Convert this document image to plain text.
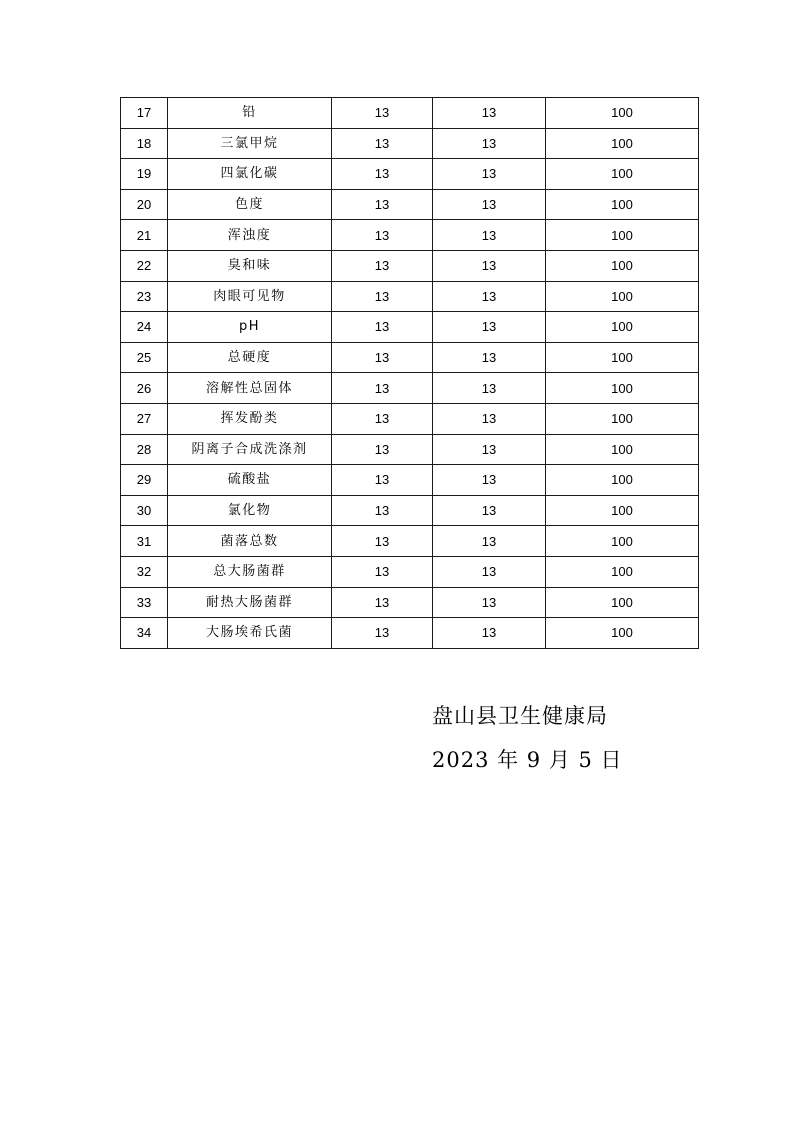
17	铅	13	13	100
18	三氯甲烷	13	13	100
19	四氯化碳	13	13	100
20	色度	13	13	100
21	浑浊度	13	13	100
22	臭和味	13	13	100
23	肉眼可见物	13	13	100
24	pH	13	13	100
25	总硬度	13	13	100
26	溶解性总固体	13	13	100
27	挥发酚类	13	13	100
28	阴离子合成洗涤剂	13	13	100
29	硫酸盐	13	13	100
30	氯化物	13	13	100
31	菌落总数	13	13	100
32	总大肠菌群	13	13	100
33	耐热大肠菌群	13	13	100
34	大肠埃希氏菌	13	13	100
盘山县卫生健康局
2023 年 9 月 5 日
